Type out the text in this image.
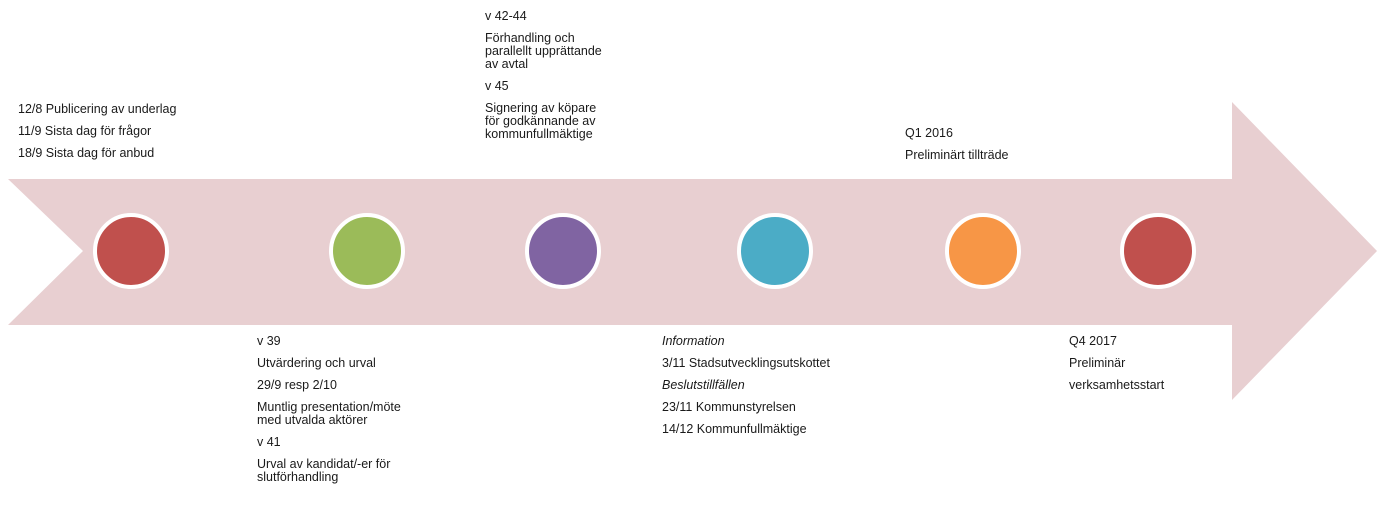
12/8 Publicering av underlag
11/9 Sista dag för frågor
18/9 Sista dag för anbud
v 39
Utvärdering och urval
29/9 resp 2/10
Muntlig presentation/möte
med utvalda aktörer
v 41
Urval av kandidat/-er för
slutförhandling
v 42-44
Förhandling och
parallellt upprättande
av avtal
v 45
Signering av köpare
för godkännande av
kommunfullmäktige
Information
3/11 Stadsutvecklingsutskottet
Beslutstillfällen
23/11 Kommunstyrelsen
14/12 Kommunfullmäktige
Q1 2016
Preliminärt tillträde
Q4 2017
Preliminär
verksamhetsstart
